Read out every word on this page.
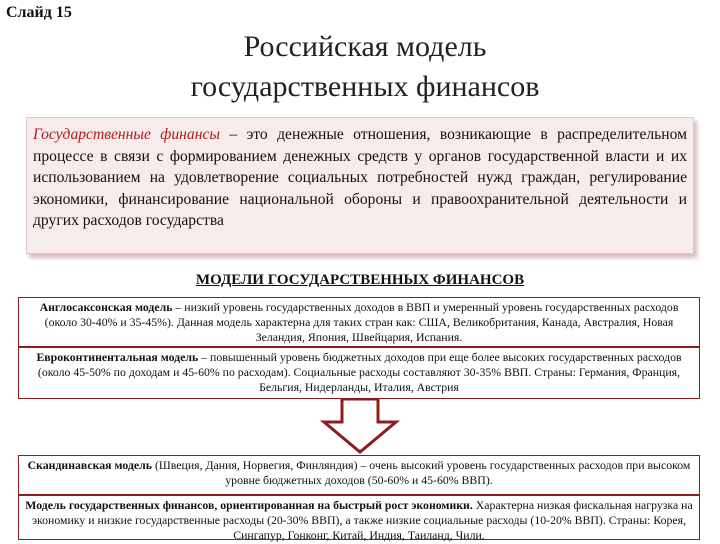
Слайд 15
Российская модель
государственных финансов
Государственные финансы – это денежные отношения, возникающие в распределительном процессе в связи с формированием денежных средств у органов государственной власти и их использованием на удовлетворение социальных потребностей нужд граждан, регулирование экономики, финансирование национальной обороны и правоохранительной деятельности и других расходов государства
МОДЕЛИ ГОСУДАРСТВЕННЫХ ФИНАНСОВ
Англосаксонская модель – низкий уровень государственных доходов в ВВП и умеренный уровень государственных расходов (около 30-40% и 35-45%). Данная модель характерна для таких стран как: США, Великобритания, Канада, Австралия, Новая Зеландия, Япония, Швейцария, Испания.
Евроконтинентальная модель – повышенный уровень бюджетных доходов при еще более высоких государственных расходов (около 45-50% по доходам и 45-60% по расходам). Социальные расходы составляют 30-35% ВВП. Страны: Германия, Франция, Бельгия, Нидерланды, Италия, Австрия
Скандинавская модель (Швеция, Дания, Норвегия, Финляндия) – очень высокий уровень государственных расходов при высоком уровне бюджетных доходов (50-60% и 45-60% ВВП).
Модель государственных финансов, ориентированная на быстрый рост экономики. Характерна низкая фискальная нагрузка на экономику и низкие государственные расходы (20-30% ВВП), а также низкие социальные расходы (10-20% ВВП). Страны: Корея, Сингапур, Гонконг, Китай, Индия, Таиланд, Чили.
